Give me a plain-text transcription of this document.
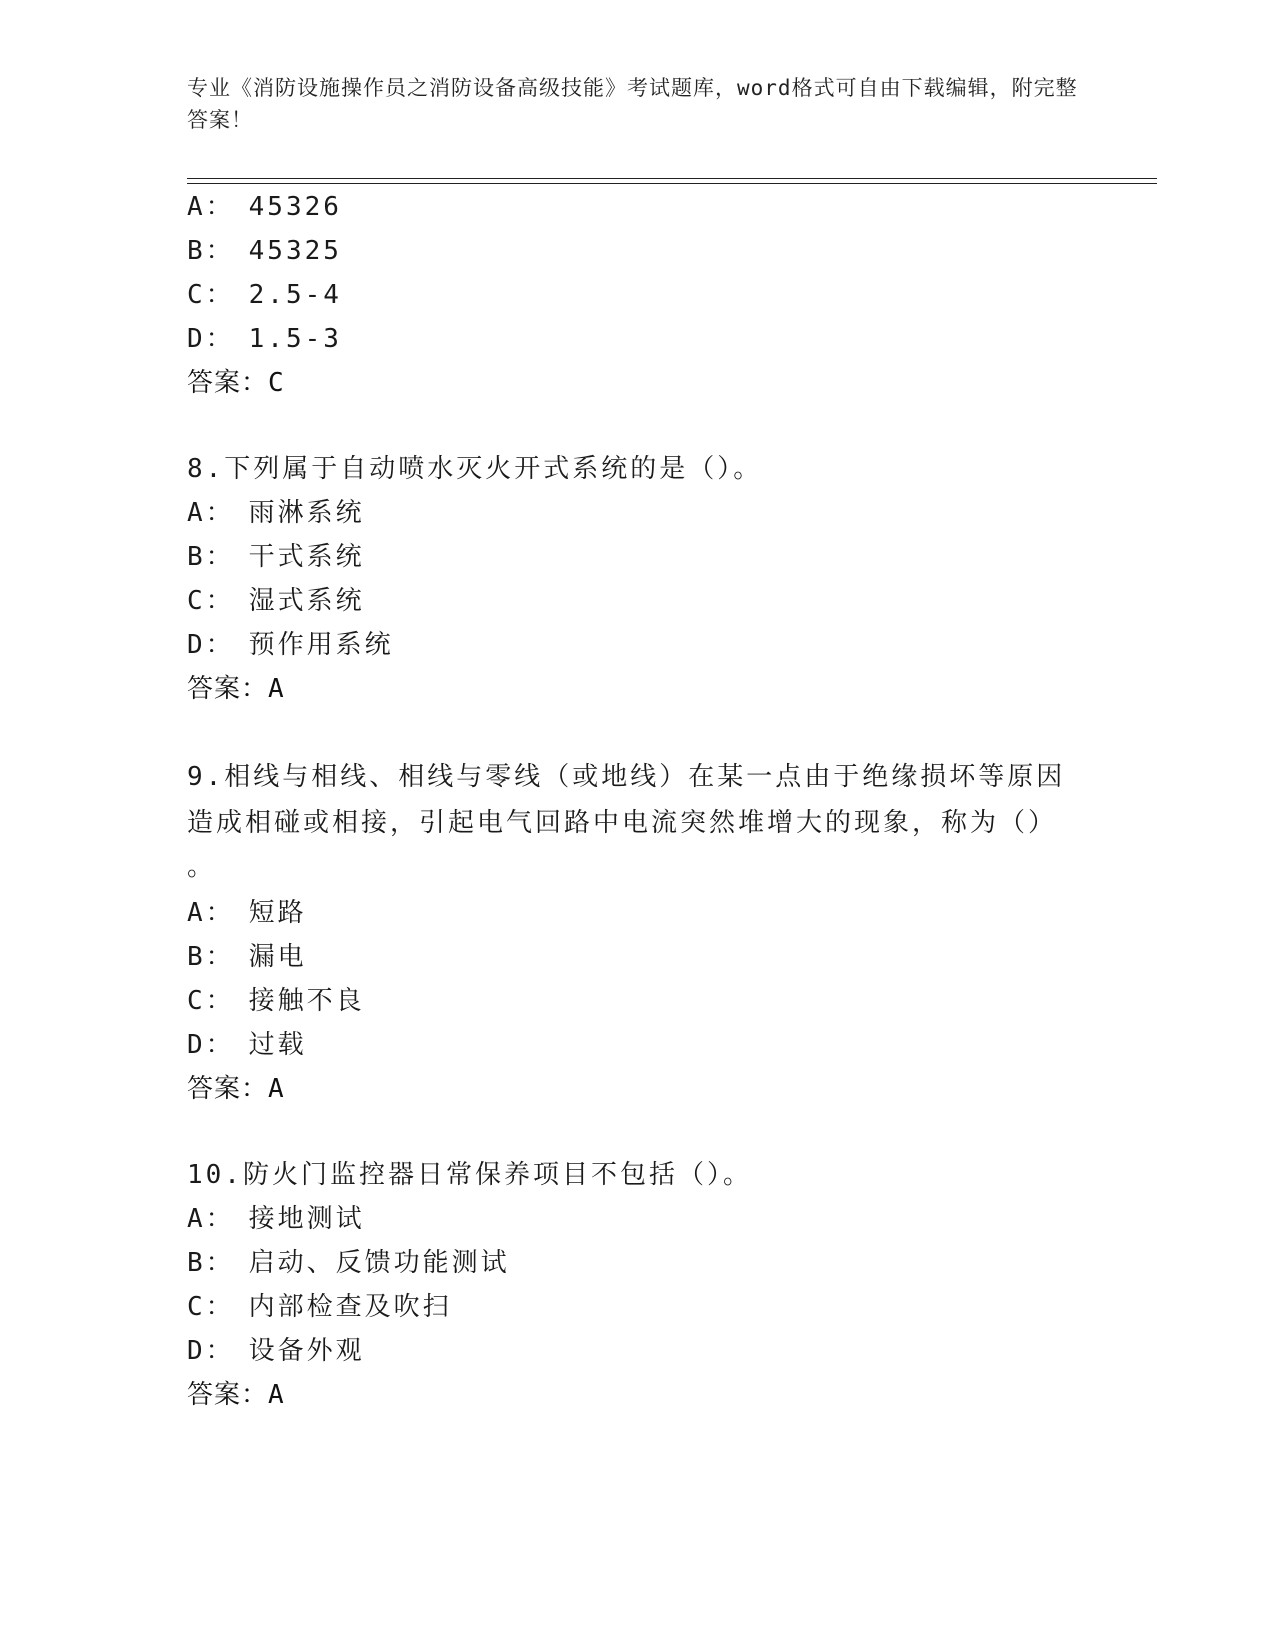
专业《消防设施操作员之消防设备高级技能》考试题库，word格式可自由下载编辑，附完整答案！
A： 45326
B： 45325
C： 2.5-4
D： 1.5-3
答案：C
8.下列属于自动喷水灭火开式系统的是（）。
A： 雨淋系统
B： 干式系统
C： 湿式系统
D： 预作用系统
答案：A
9.相线与相线、相线与零线（或地线）在某一点由于绝缘损坏等原因
造成相碰或相接，引起电气回路中电流突然堆增大的现象，称为（）
。
A： 短路
B： 漏电
C： 接触不良
D： 过载
答案：A
10.防火门监控器日常保养项目不包括（）。
A： 接地测试
B： 启动、反馈功能测试
C： 内部检查及吹扫
D： 设备外观
答案：A
